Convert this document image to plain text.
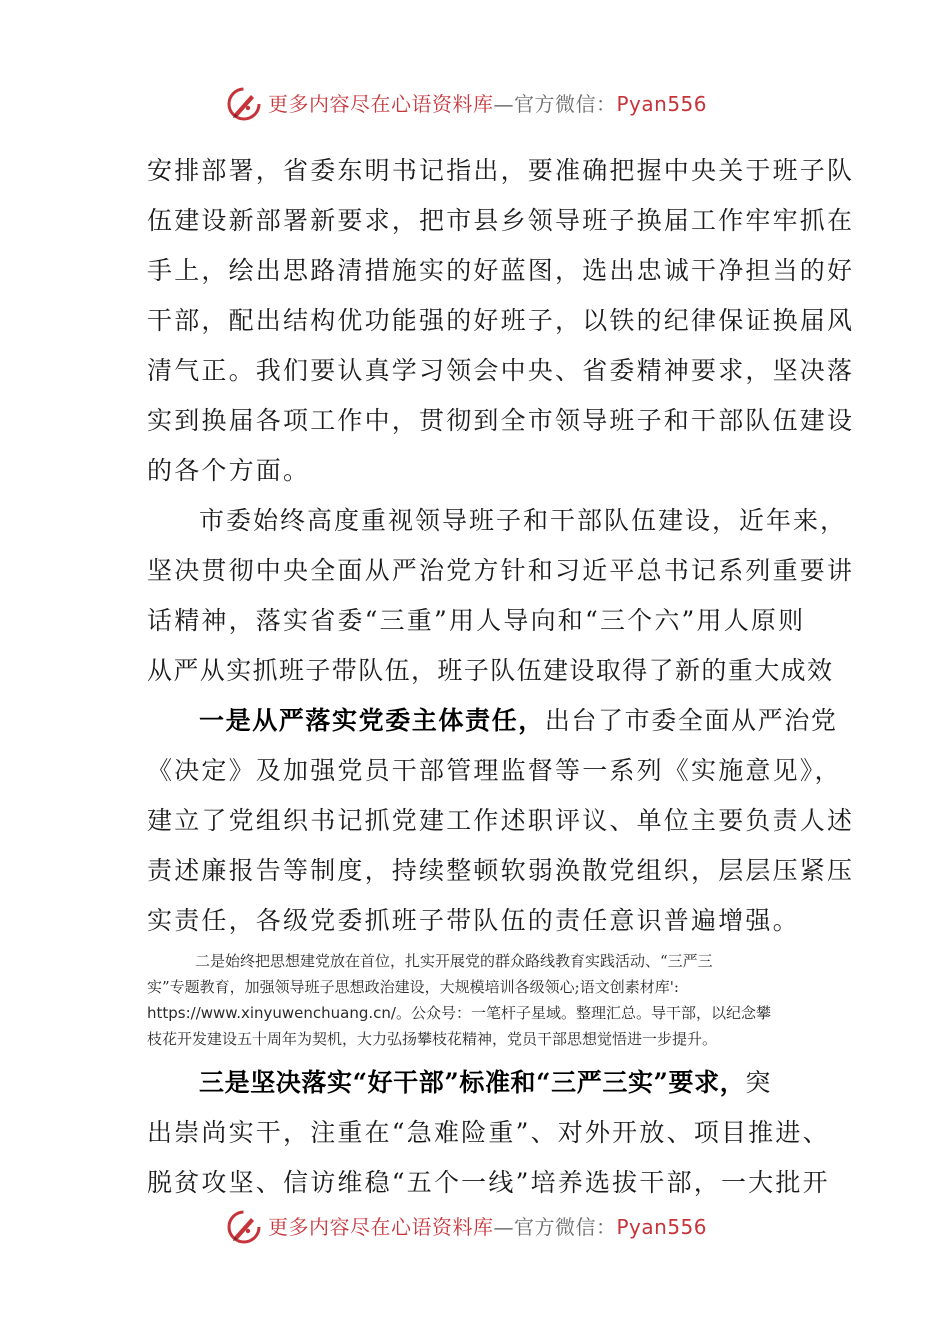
更多内容尽在心语资料库—官方微信：Pyan556
安排部署，省委东明书记指出，要准确把握中央关于班子队
伍建设新部署新要求，把市县乡领导班子换届工作牢牢抓在
手上，绘出思路清措施实的好蓝图，选出忠诚干净担当的好
干部，配出结构优功能强的好班子，以铁的纪律保证换届风
清气正。我们要认真学习领会中央、省委精神要求，坚决落
实到换届各项工作中，贯彻到全市领导班子和干部队伍建设
的各个方面。
市委始终高度重视领导班子和干部队伍建设，近年来，
坚决贯彻中央全面从严治党方针和习近平总书记系列重要讲
话精神，落实省委“三重”用人导向和“三个六”用人原则
从严从实抓班子带队伍，班子队伍建设取得了新的重大成效
一是从严落实党委主体责任，出台了市委全面从严治党
《决定》及加强党员干部管理监督等一系列《实施意见》，
建立了党组织书记抓党建工作述职评议、单位主要负责人述
责述廉报告等制度，持续整顿软弱涣散党组织，层层压紧压
实责任，各级党委抓班子带队伍的责任意识普遍增强。
二是始终把思想建党放在首位，扎实开展党的群众路线教育实践活动、“三严三
实”专题教育，加强领导班子思想政治建设，大规模培训各级领心;语文创素材库':
https://www.xinyuwenchuang.cn/。公众号：一笔杆子星域。整理汇总。导干部，以纪念攀
枝花开发建设五十周年为契机，大力弘扬攀枝花精神，党员干部思想觉悟进一步提升。
三是坚决落实“好干部”标准和“三严三实”要求，突
出崇尚实干，注重在“急难险重”、对外开放、项目推进、
脱贫攻坚、信访维稳“五个一线”培养选拔干部，一大批开
更多内容尽在心语资料库—官方微信：Pyan556
